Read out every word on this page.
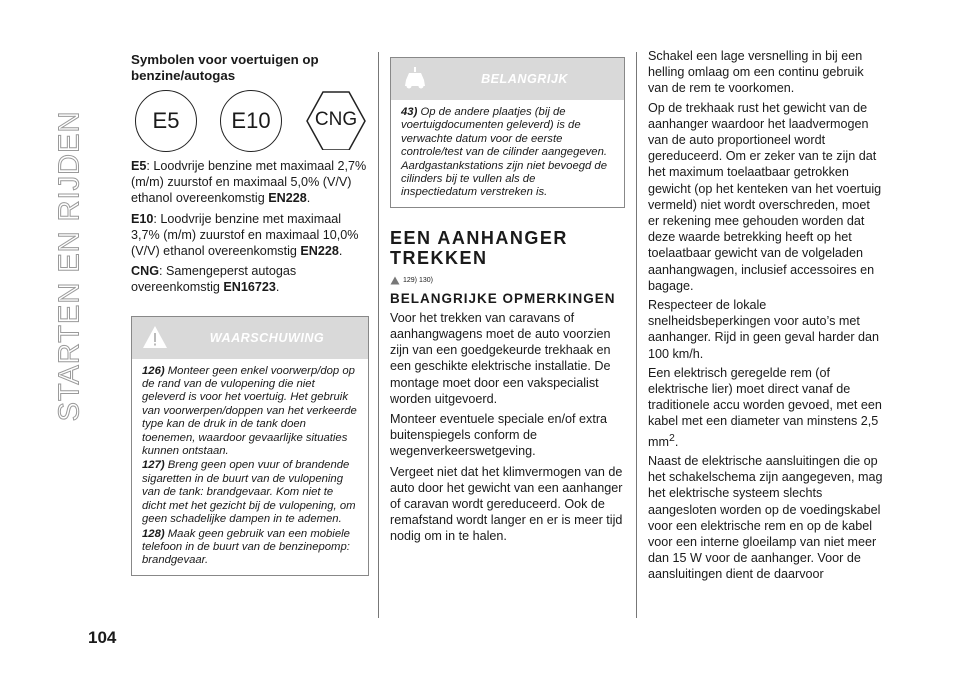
STARTEN EN RIJDEN
104
Symbolen voor voertuigen op benzine/autogas
E5	E10	CNG

E5: Loodvrije benzine met maximaal 2,7% (m/m) zuurstof en maximaal 5,0% (V/V) ethanol overeenkomstig EN228.

E10: Loodvrije benzine met maximaal 3,7% (m/m) zuurstof en maximaal 10,0% (V/V) ethanol overeenkomstig EN228.

CNG: Samengeperst autogas overeenkomstig EN16723.

WAARSCHUWING

126) Monteer geen enkel voorwerp/dop op de rand van de vulopening die niet geleverd is voor het voertuig. Het gebruik van voorwerpen/doppen van het verkeerde type kan de druk in de tank doen toenemen, waardoor gevaarlijke situaties kunnen ontstaan.

127) Breng geen open vuur of brandende sigaretten in de buurt van de vulopening van de tank: brandgevaar. Kom niet te dicht met het gezicht bij de vulopening, om geen schadelijke dampen in te ademen.

128) Maak geen gebruik van een mobiele telefoon in de buurt van de benzinepomp: brandgevaar.

BELANGRIJK

43) Op de andere plaatjes (bij de voertuigdocumenten geleverd) is de verwachte datum voor de eerste controle/test van de cilinder aangegeven. Aardgastankstations zijn niet bevoegd de cilinders bij te vullen als de inspectiedatum verstreken is.

EEN AANHANGER TREKKEN
129) 130)
BELANGRIJKE OPMERKINGEN

Voor het trekken van caravans of aanhangwagens moet de auto voorzien zijn van een goedgekeurde trekhaak en een geschikte elektrische installatie. De montage moet door een vakspecialist worden uitgevoerd.

Monteer eventuele speciale en/of extra buitenspiegels conform de wegenverkeerswetgeving.

Vergeet niet dat het klimvermogen van de auto door het gewicht van een aanhanger of caravan wordt gereduceerd. Ook de remafstand wordt langer en er is meer tijd nodig om in te halen.

Schakel een lage versnelling in bij een helling omlaag om een continu gebruik van de rem te voorkomen.

Op de trekhaak rust het gewicht van de aanhanger waardoor het laadvermogen van de auto proportioneel wordt gereduceerd. Om er zeker van te zijn dat het maximum toelaatbaar getrokken gewicht (op het kenteken van het voertuig vermeld) niet wordt overschreden, moet er rekening mee gehouden worden dat deze waarde betrekking heeft op het toelaatbaar gewicht van de volgeladen aanhangwagen, inclusief accessoires en bagage.

Respecteer de lokale snelheidsbeperkingen voor auto’s met aanhanger. Rijd in geen geval harder dan 100 km/h.

Een elektrisch geregelde rem (of elektrische lier) moet direct vanaf de traditionele accu worden gevoed, met een kabel met een diameter van minstens 2,5 $mm^2$.

Naast de elektrische aansluitingen die op het schakelschema zijn aangegeven, mag het elektrische systeem slechts aangesloten worden op de voedingskabel voor een elektrische rem en op de kabel voor een interne gloeilamp van niet meer dan 15 W voor de aanhanger. Voor de aansluitingen dient de daarvoor
